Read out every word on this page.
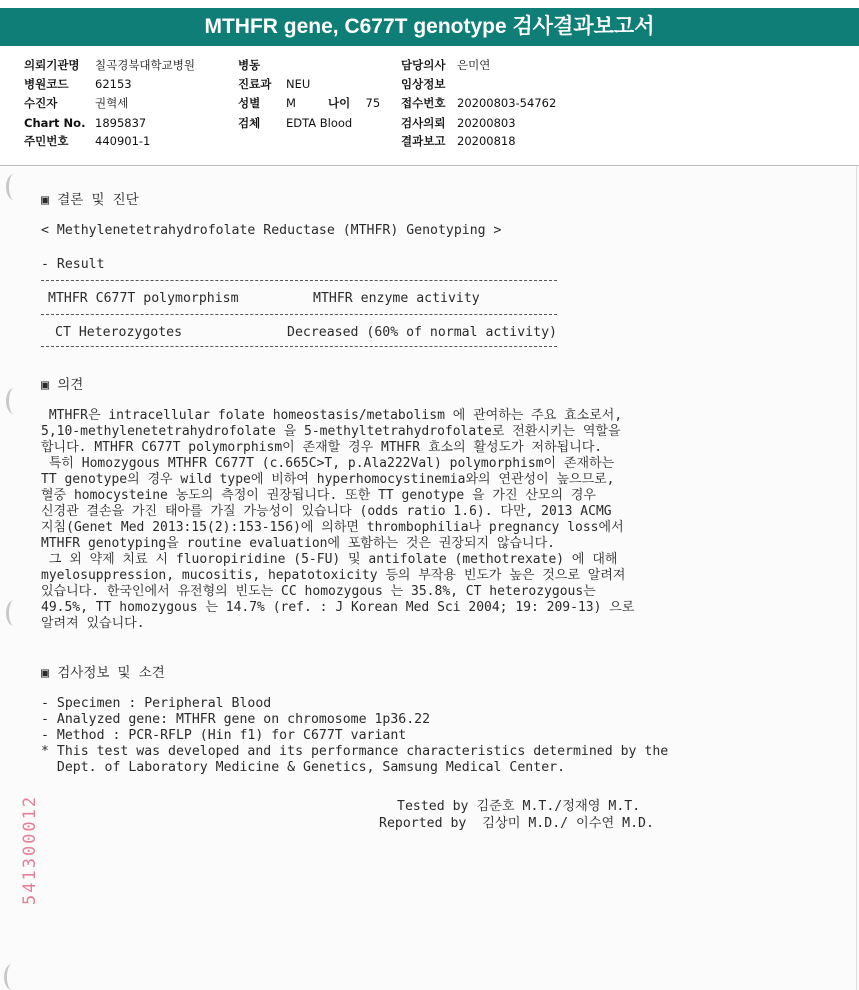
MTHFR gene, C677T genotype 검사결과보고서
의뢰기관명 칠곡경북대학교병원
병원코드 62153
수진자	권혁세
Chart No. 1895837
주민번호 440901-1
병동
진료과 NEU
성별 M
검체 EDTA Blood
담당의사 은미연
임상정보
접수번호 20200803-54762
검사의뢰 20200803
결과보고 20200818
나이 75
541300012
▣ 결론 및 진단
< Methylenetetrahydrofolate Reductase (MTHFR) Genotyping >
- Result
MTHFR C677T polymorphism	MTHFR enzyme activity
CT Heterozygotes	Decreased (60% of normal activity)
▣ 의견
MTHFR은 intracellular folate homeostasis/metabolism 에 관여하는 주요 효소로서,
5,10-methylenetetrahydrofolate 을 5-methyltetrahydrofolate로 전환시키는 역할을
합니다. MTHFR C677T polymorphism이 존재할 경우 MTHFR 효소의 활성도가 저하됩니다.
특히 Homozygous MTHFR C677T (c.665C>T, p.Ala222Val) polymorphism이 존재하는
TT genotype의 경우 wild type에 비하여 hyperhomocystinemia와의 연관성이 높으므로,
혈중 homocysteine 농도의 측정이 권장됩니다. 또한 TT genotype 을 가진 산모의 경우
신경관 결손을 가진 태아를 가질 가능성이 있습니다 (odds ratio 1.6). 다만, 2013 ACMG
지침(Genet Med 2013:15(2):153-156)에 의하면 thrombophilia나 pregnancy loss에서
MTHFR genotyping을 routine evaluation에 포함하는 것은 권장되지 않습니다.
그 외 약제 치료 시 fluoropiridine (5-FU) 및 antifolate (methotrexate) 에 대해
myelosuppression, mucositis, hepatotoxicity 등의 부작용 빈도가 높은 것으로 알려져
있습니다. 한국인에서 유전형의 빈도는 CC homozygous 는 35.8%, CT heterozygous는
49.5%, TT homozygous 는 14.7% (ref. : J Korean Med Sci 2004; 19: 209-13) 으로
알려져 있습니다.
▣ 검사정보 및 소견
- Specimen : Peripheral Blood
- Analyzed gene: MTHFR gene on chromosome 1p36.22
- Method : PCR-RFLP (Hin f1) for C677T variant
* This test was developed and its performance characteristics determined by the
Dept. of Laboratory Medicine & Genetics, Samsung Medical Center.
Tested by 김준호 M.T./정재영 M.T.
Reported by  김상미 M.D./ 이수연 M.D.
